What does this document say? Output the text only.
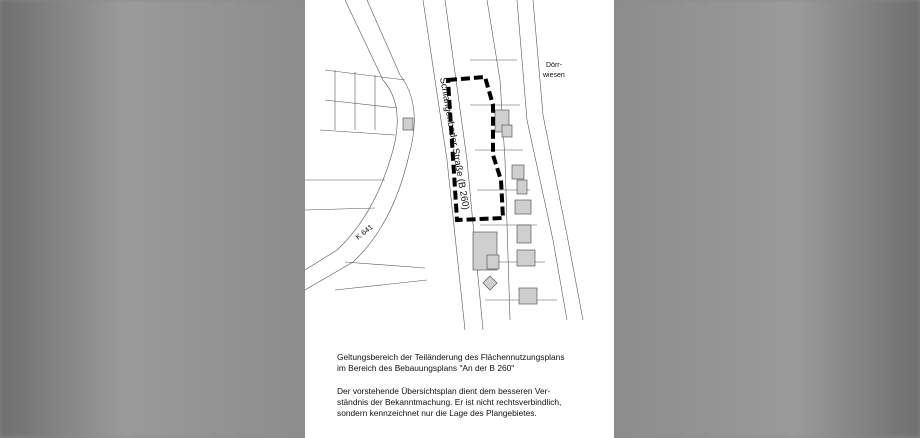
Schlangenbader Straße (B 260)
K 641
Dörr-
wiesen
Geltungsbereich der Teiländerung des Flächennutzungsplans
im Bereich des Bebauungsplans "An der B 260"
Der vorstehende Übersichtsplan dient dem besseren Ver-
ständnis der Bekanntmachung. Er ist nicht rechtsverbindlich,
sondern kennzeichnet nur die Lage des Plangebietes.
